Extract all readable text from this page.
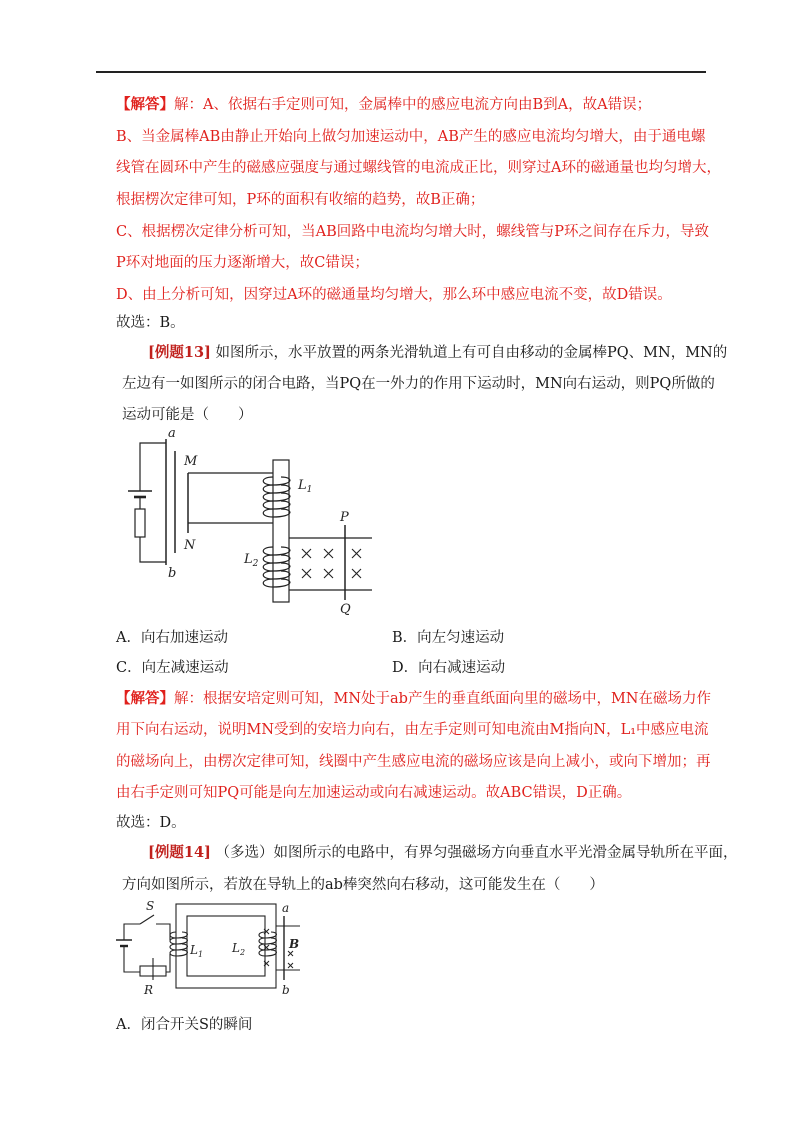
【解答】解：A、依据右手定则可知，金属棒中的感应电流方向由B到A，故A错误；
B、当金属棒AB由静止开始向上做匀加速运动中，AB产生的感应电流均匀增大，由于通电螺
线管在圆环中产生的磁感应强度与通过螺线管的电流成正比，则穿过A环的磁通量也均匀增大，
根据楞次定律可知，P环的面积有收缩的趋势，故B正确；
C、根据楞次定律分析可知，当AB回路中电流均匀增大时，螺线管与P环之间存在斥力，导致
P环对地面的压力逐渐增大，故C错误；
D、由上分析可知，因穿过A环的磁通量均匀增大，那么环中感应电流不变，故D错误。
故选：B。
[例题13] 如图所示，水平放置的两条光滑轨道上有可自由移动的金属棒PQ、MN，MN的
左边有一如图所示的闭合电路，当PQ在一外力的作用下运动时，MN向右运动，则PQ所做的
运动可能是（　　）
a
b
M
N
$L_1$
$L_2$
P
Q
A．向右加速运动	B．向左匀速运动
C．向左减速运动	D．向右减速运动
【解答】解：根据安培定则可知，MN处于ab产生的垂直纸面向里的磁场中，MN在磁场力作
用下向右运动，说明MN受到的安培力向右，由左手定则可知电流由M指向N，L₁中感应电流
的磁场向上，由楞次定律可知，线圈中产生感应电流的磁场应该是向上减小，或向下增加；再
由右手定则可知PQ可能是向左加速运动或向右减速运动。故ABC错误，D正确。
故选：D。
[例题14] （多选）如图所示的电路中，有界匀强磁场方向垂直水平光滑金属导轨所在平面，
方向如图所示，若放在导轨上的ab棒突然向右移动，这可能发生在（　　）
S
R
$L_1$ $L_2$
a
b
B
A．闭合开关S的瞬间
